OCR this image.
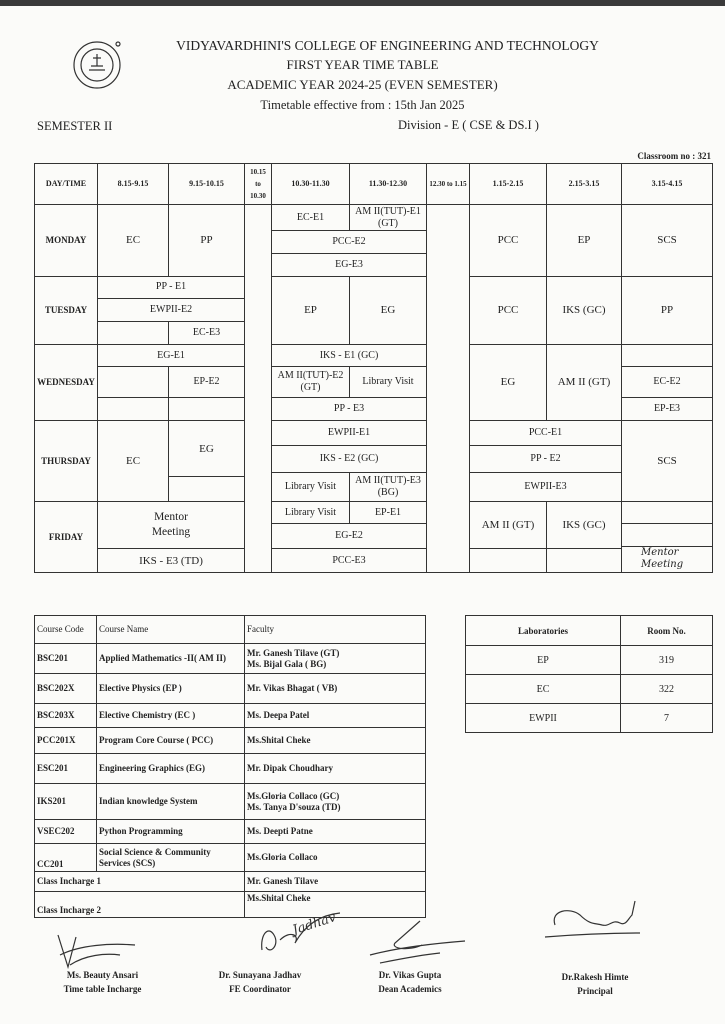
VIDYAVARDHINI'S COLLEGE OF ENGINEERING AND TECHNOLOGY
FIRST YEAR TIME TABLE
ACADEMIC YEAR 2024-25 (EVEN SEMESTER)
Timetable effective from : 15th Jan 2025
SEMESTER II	Division - E ( CSE & DS.I )
Classroom no : 321
DAY/TIME	8.15-9.15	9.15-10.15	10.15 to 10.30	10.30-11.30	11.30-12.30	12.30 to 1.15	1.15-2.15	2.15-3.15	3.15-4.15
MONDAY	EC	PP		EC-E1	AM II(TUT)-E1 (GT)		PCC	EP	SCS
				PCC-E2					
				EG-E3					
TUESDAY	PP - E1			EP	EG		PCC	IKS (GC)	PP
	EWPII-E2								
		EC-E3							
WEDNESDAY	EG-E1			IKS - E1 (GC)			EG	AM II (GT)	
		EP-E2		AM II(TUT)-E2 (GT)	Library Visit				EC-E2

				PP - E3					EP-E3
THURSDAY	EC	EG		EWPII-E1			PCC-E1		SCS
				IKS - E2 (GC)			PP - E2		
				Library Visit	AM II(TUT)-E3 (BG)		EWPII-E3		

FRIDAY	Mentor Meeting			Library Visit	EP-E1		AM II (GT)	IKS (GC)	
				EG-E2					
									Mentor Meeting
	IKS - E3 (TD)			PCC-E3					
Course Code	Course Name	Faculty
BSC201	Applied Mathematics -II( AM II)	Mr. Ganesh Tilave (GT)
Ms. Bijal Gala ( BG)

BSC202X	Elective Physics (EP )	Mr. Vikas Bhagat ( VB)
BSC203X	Elective Chemistry (EC )	Ms. Deepa Patel
PCC201X	Program Core Course ( PCC)	Ms.Shital Cheke
ESC201	Engineering Graphics (EG)	Mr. Dipak Choudhary
IKS201	Indian knowledge System	Ms.Gloria Collaco (GC)
Ms. Tanya D'souza (TD)

VSEC202	Python Programming	Ms. Deepti Patne
CC201	Social Science & Community Services (SCS)	Ms.Gloria Collaco
Class Incharge 1		Mr. Ganesh Tilave
Class Incharge 2		Ms.Shital Cheke
Laboratories	Room No.
EP	319
EC	322
EWPII	7
Jadhav
Ms. Beauty Ansari
Time table Incharge
Dr. Sunayana Jadhav
FE Coordinator
Dr. Vikas Gupta
Dean Academics
Dr.Rakesh Himte
Principal
